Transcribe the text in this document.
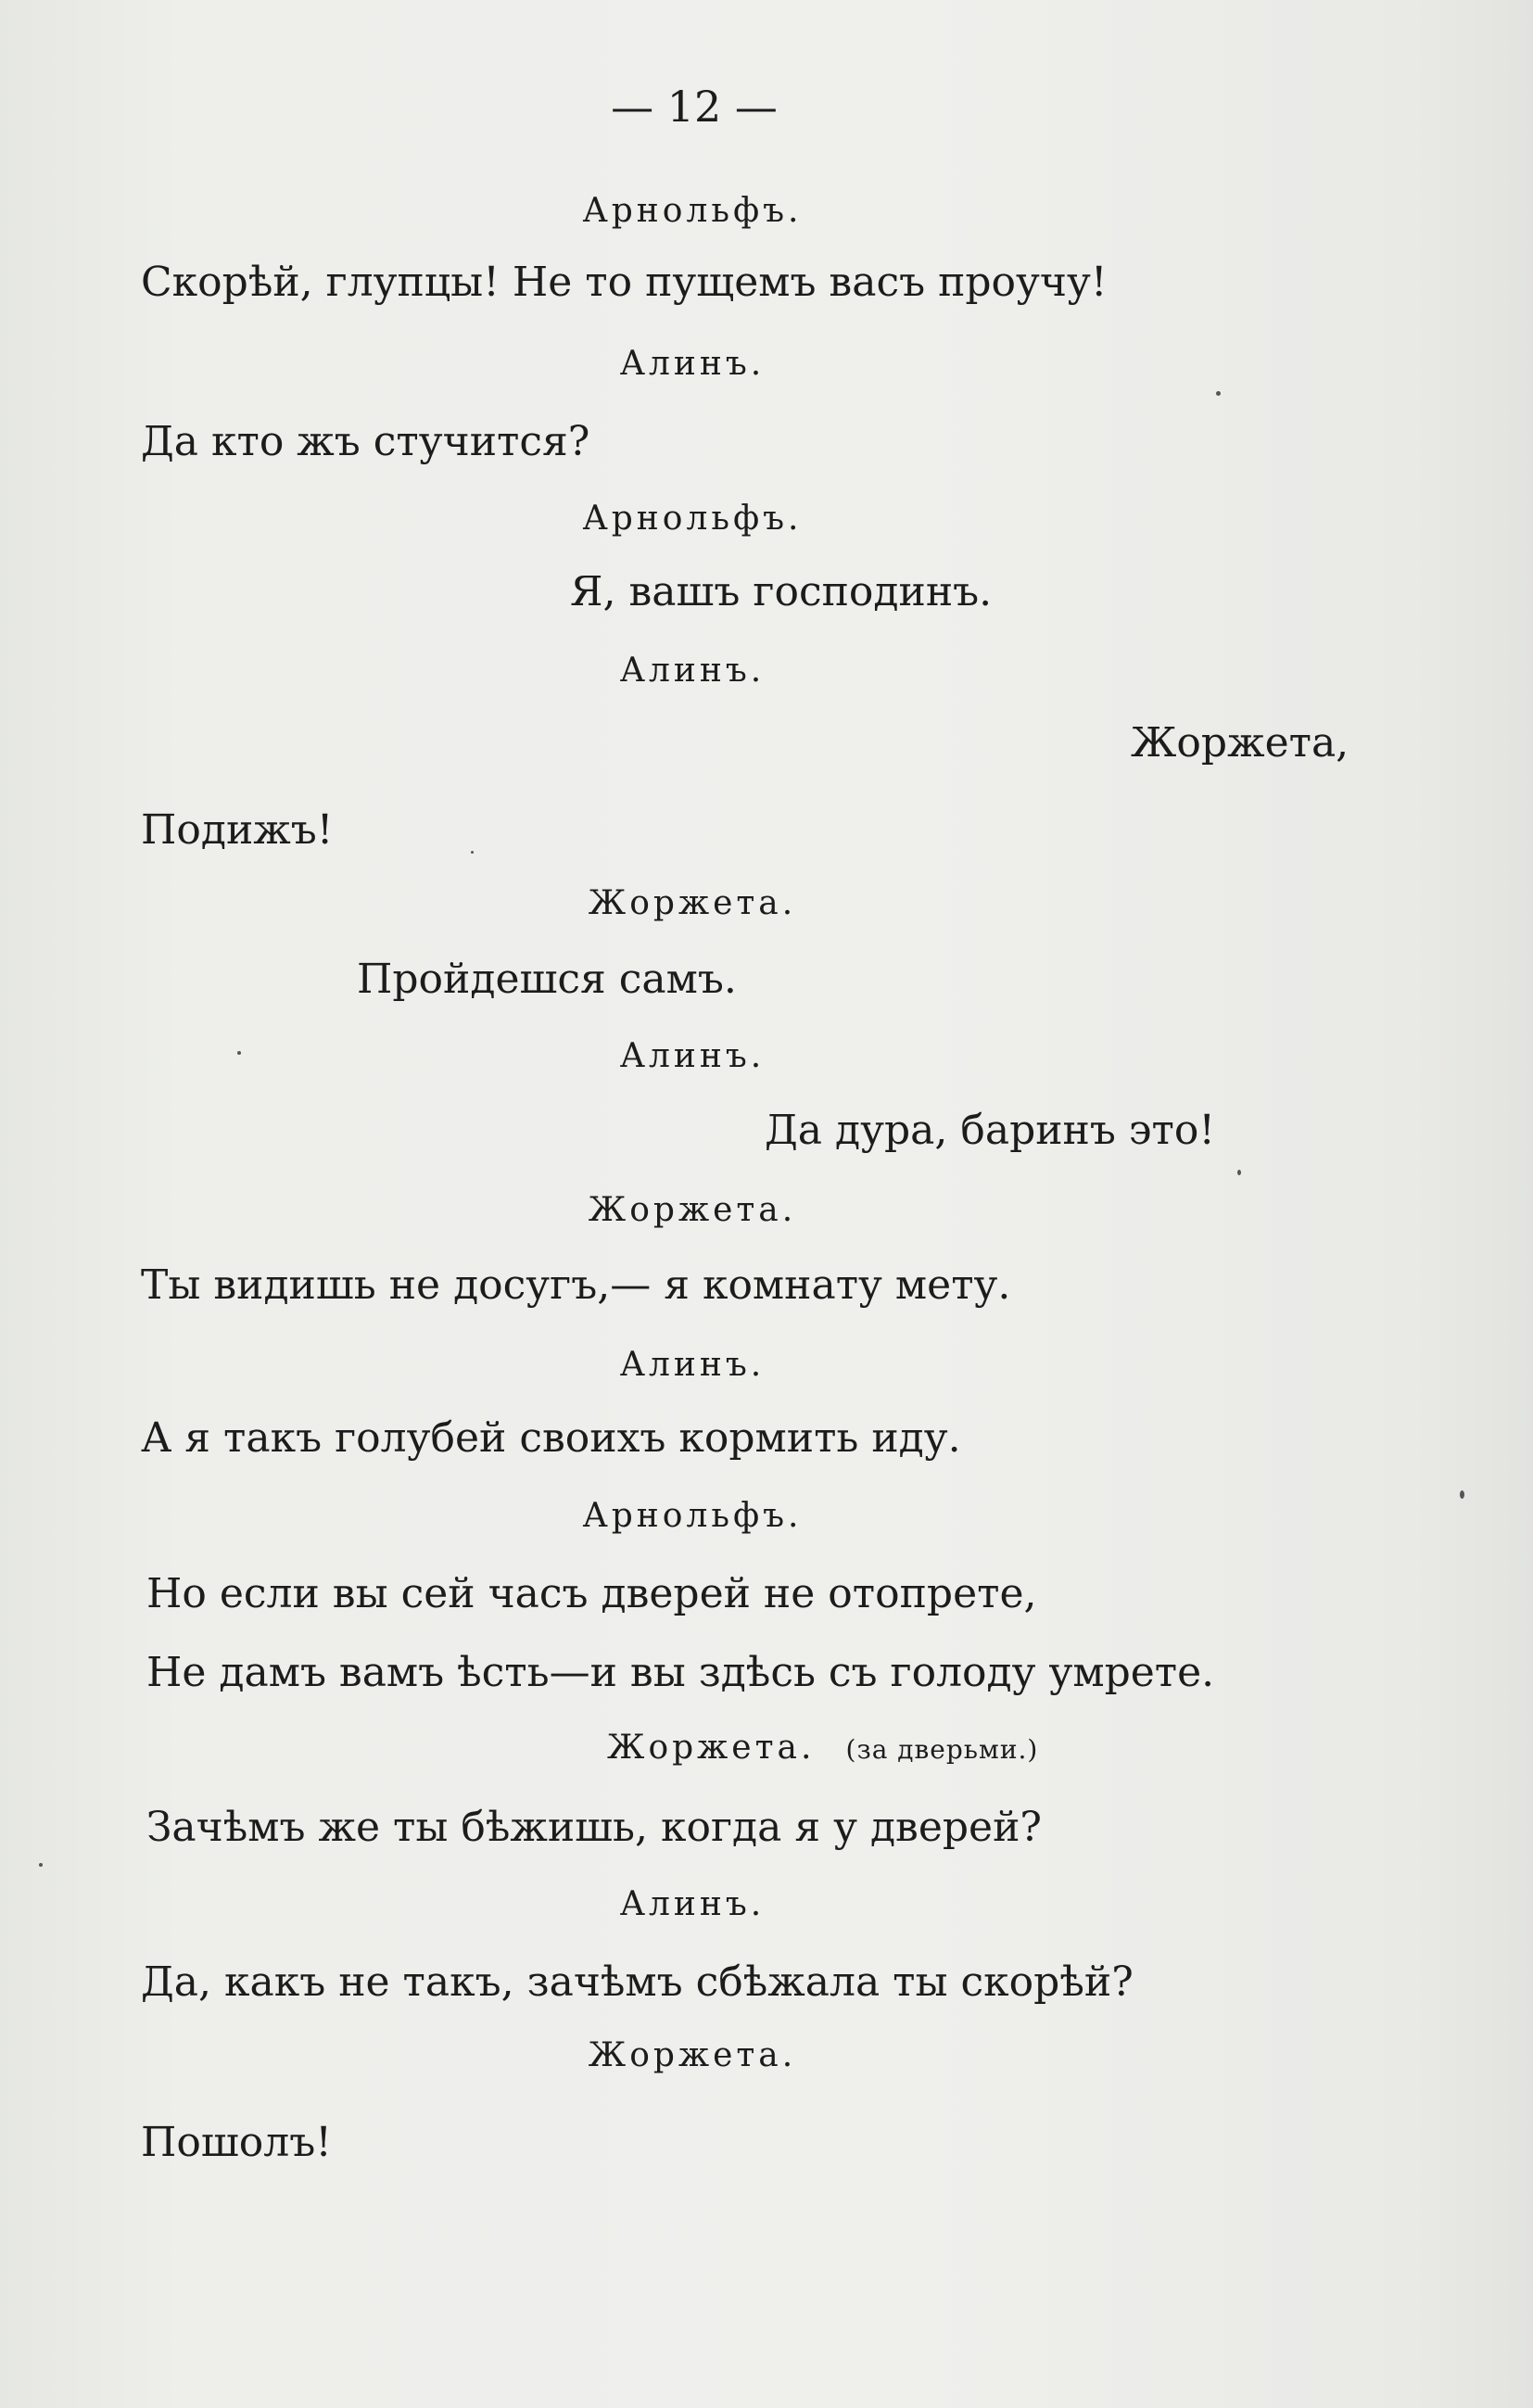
— 12 —
Арнольфъ.
Скорѣй, глупцы! Не то пущемъ васъ проучу!
Алинъ.
Да кто жъ стучится?
Арнольфъ.
Я, вашъ господинъ.
Алинъ.
Жоржета,
Подижъ!
Жоржета.
Пройдешся самъ.
Алинъ.
Да дура, баринъ это!
Жоржета.
Ты видишь не досугъ,— я комнату мету.
Алинъ.
А я такъ голубей своихъ кормить иду.
Арнольфъ.
Но если вы сей часъ дверей не отопрете,
Не дамъ вамъ ѣсть—и вы здѣсь съ голоду умрете.
Жоржета. (за дверьми.)
Зачѣмъ же ты бѣжишь, когда я у дверей?
Алинъ.
Да, какъ не такъ, зачѣмъ сбѣжала ты скорѣй?
Жоржета.
Пошолъ!
